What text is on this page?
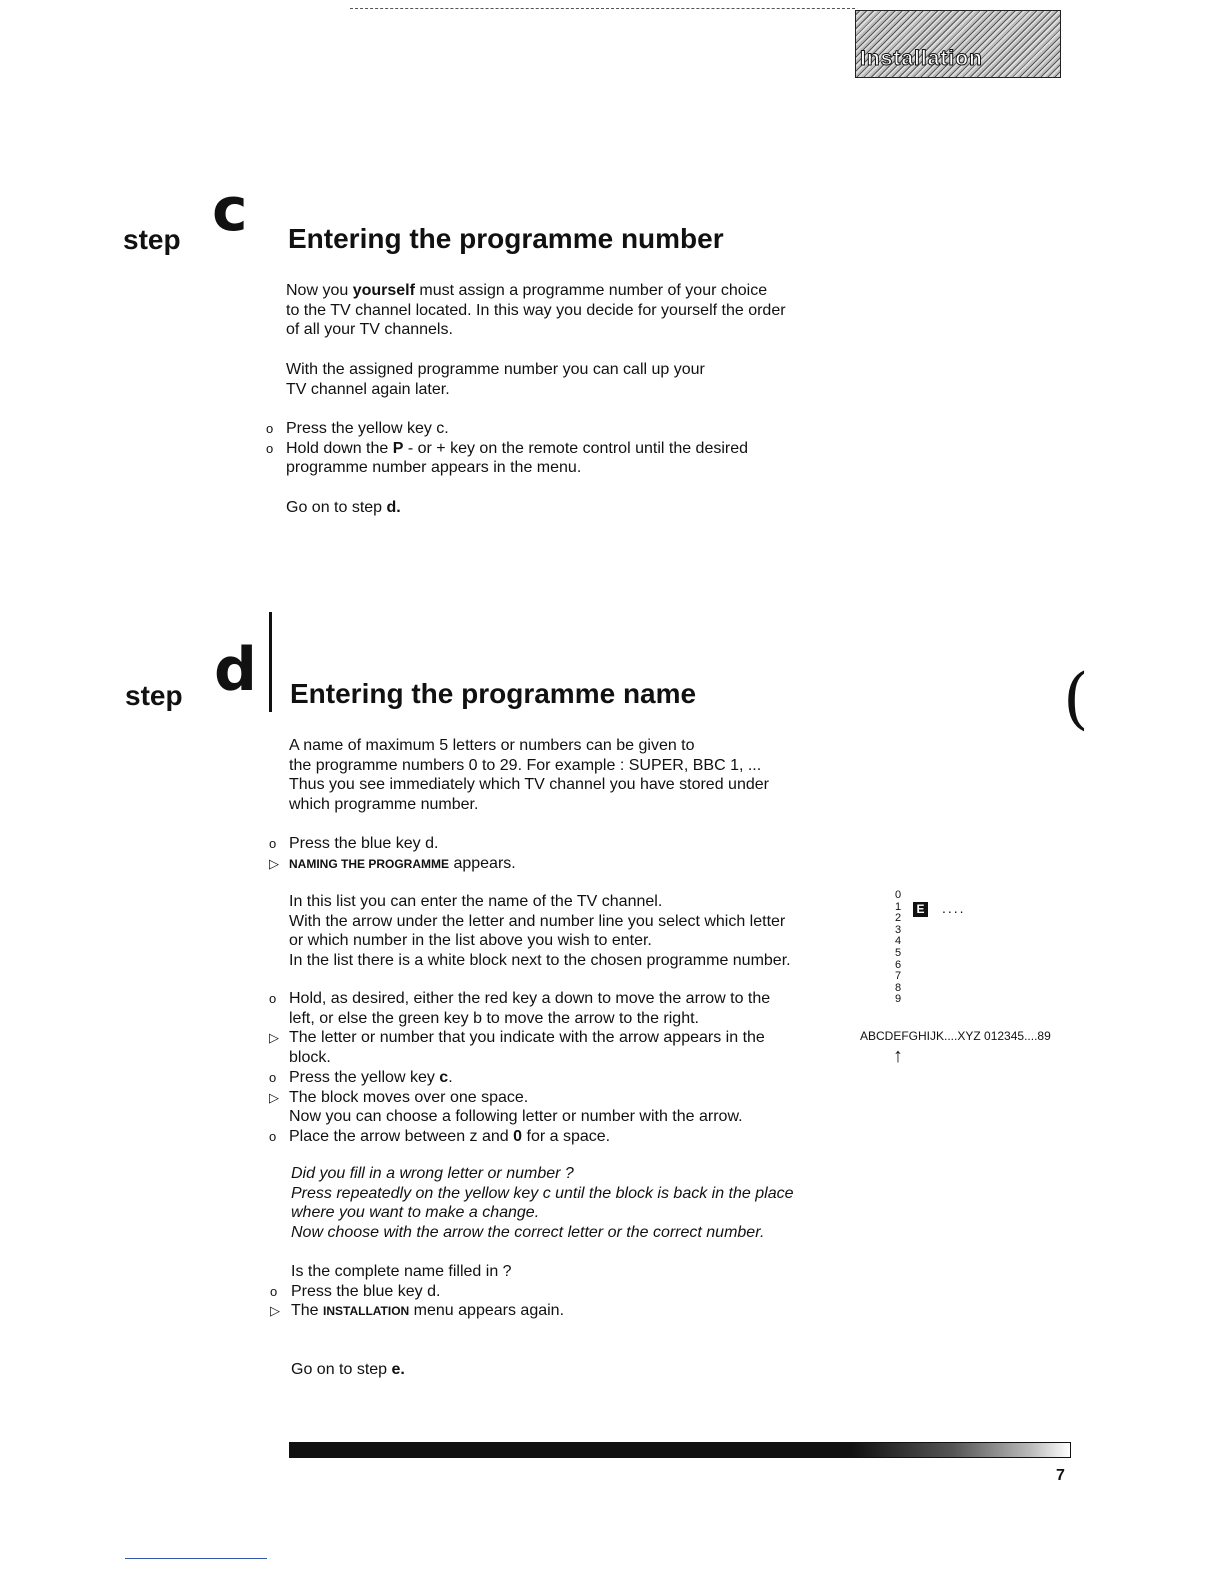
Installation
step c Entering the programme number
Now you yourself must assign a programme number of your choice
to the TV channel located. In this way you decide for yourself the order
of all your TV channels.
With the assigned programme number you can call up your
TV channel again later.
o Press the yellow key c.
o Hold down the P - or + key on the remote control until the desired
programme number appears in the menu.
Go on to step d.
step d Entering the programme name	(
A name of maximum 5 letters or numbers can be given to
the programme numbers 0 to 29. For example : SUPER, BBC 1, ...
Thus you see immediately which TV channel you have stored under
which programme number.
o Press the blue key d.
▷ NAMING THE PROGRAMME appears.
In this list you can enter the name of the TV channel.
With the arrow under the letter and number line you select which letter
or which number in the list above you wish to enter.
In the list there is a white block next to the chosen programme number.
o Hold, as desired, either the red key a down to move the arrow to the
left, or else the green key b to move the arrow to the right.
▷ The letter or number that you indicate with the arrow appears in the
block.
o Press the yellow key c.
▷ The block moves over one space.
Now you can choose a following letter or number with the arrow.
o Place the arrow between z and 0 for a space.
Did you fill in a wrong letter or number ?
Press repeatedly on the yellow key c until the block is back in the place
where you want to make a change.
Now choose with the arrow the correct letter or the correct number.
Is the complete name filled in ?
o Press the blue key d.
▷ The INSTALLATION menu appears again.
Go on to step e.
0
1
2
3
4
5
6
7
8
9
E ....
ABCDEFGHIJK....XYZ 012345....89
↑
7
